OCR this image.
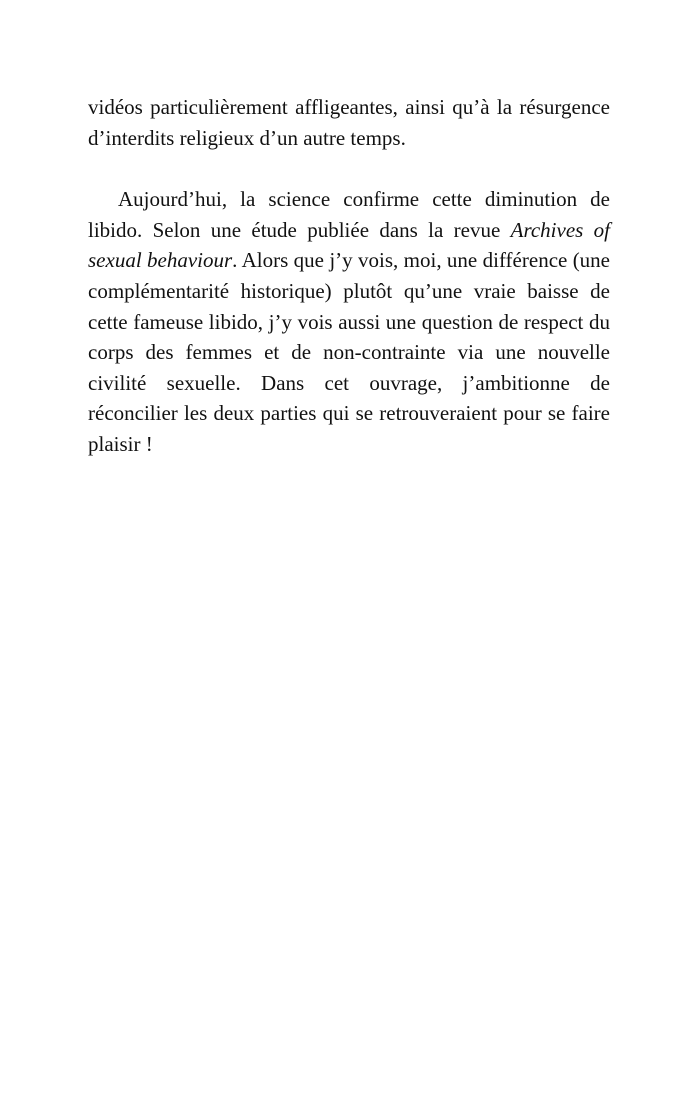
vidéos particulièrement affligeantes, ainsi qu’à la résurgence d’interdits religieux d’un autre temps.

Aujourd’hui, la science confirme cette diminution de libido. Selon une étude publiée dans la revue Archives of sexual behaviour. Alors que j’y vois, moi, une différence (une complémentarité historique) plutôt qu’une vraie baisse de cette fameuse libido, j’y vois aussi une question de respect du corps des femmes et de non-contrainte via une nouvelle civilité sexuelle. Dans cet ouvrage, j’ambitionne de réconcilier les deux parties qui se retrouveraient pour se faire plaisir !
